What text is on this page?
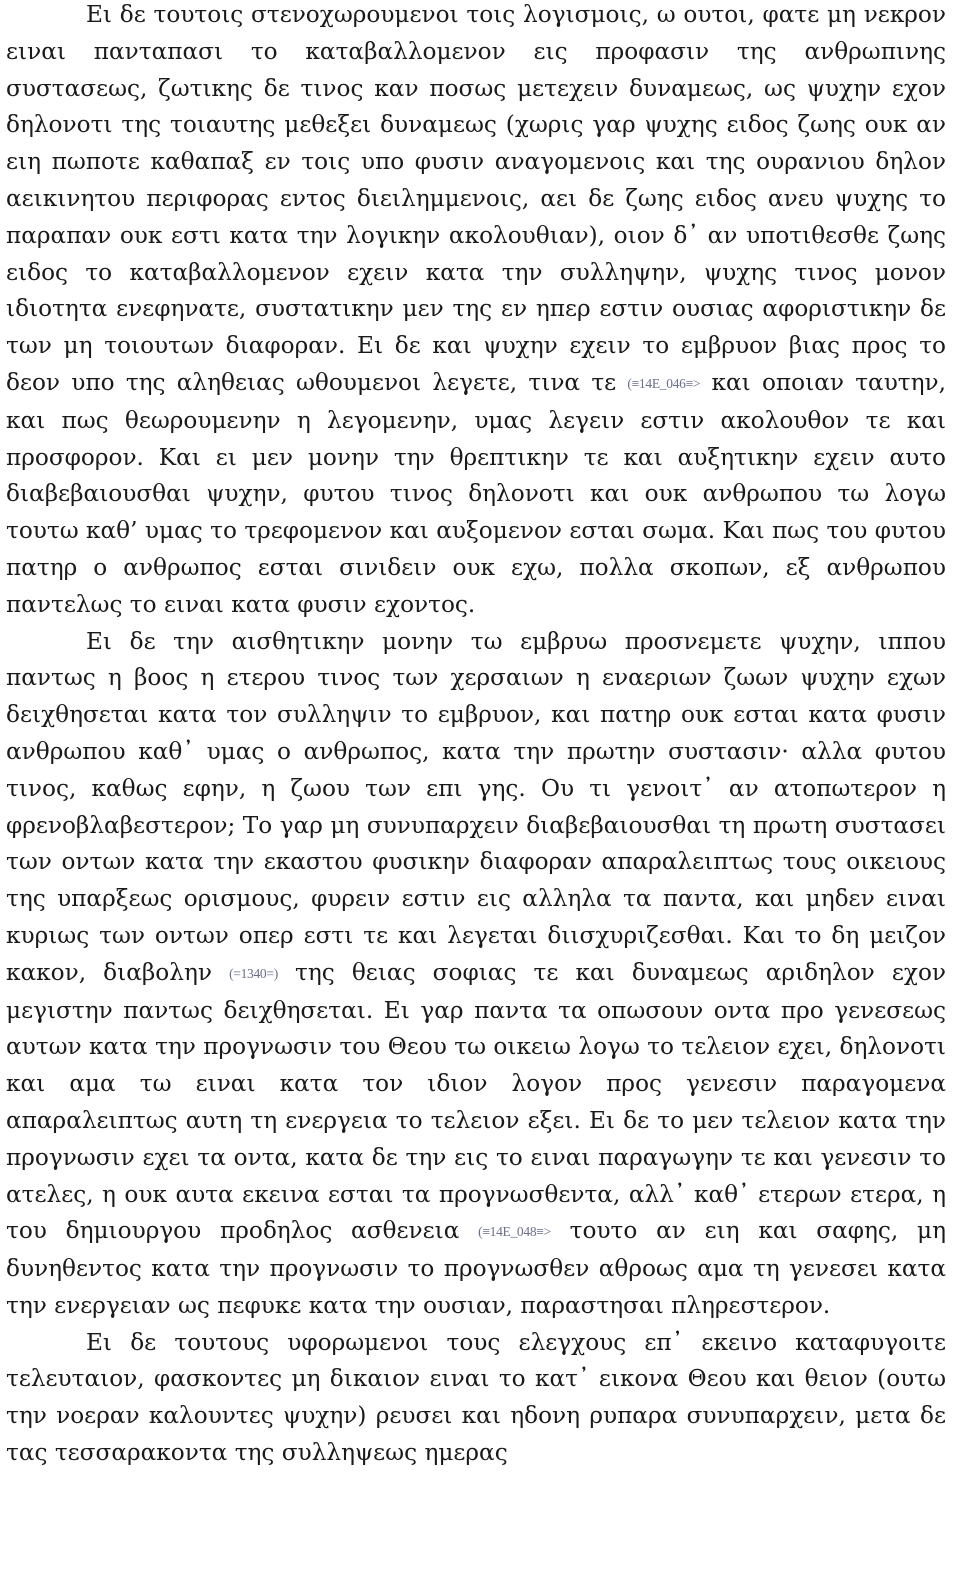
Ει δε τουτοις στενοχωρουμενοι τοις λογισμοις, ω ουτοι, φατε μη νεκρον ειναι πανταπασι το καταβαλλομενον εις προφασιν της ανθρωπινης συστασεως, ζωτικης δε τινος καν ποσως μετεχειν δυναμεως, ως ψυχην εχον δηλονοτι της τοιαυτης μεθεξει δυναμεως (χωρις γαρ ψυχης ειδος ζωης ουκ αν ειη πωποτε καθαπαξ εν τοις υπο φυσιν αναγομενοις και της ουρανιου δηλον αεικινητου περιφορας εντος διειλημμενοις, αει δε ζωης ειδος ανευ ψυχης το παραπαν ουκ εστι κατα την λογικην ακολουθιαν), οιον δ᾽ αν υποτιθεσθε ζωης ειδος το καταβαλλομενον εχειν κατα την συλληψην, ψυχης τινος μονον ιδιοτητα ενεφηνατε, συστατικην μεν της εν ηπερ εστιν ουσιας αφοριστικην δε των μη τοιουτων διαφοραν. Ει δε και ψυχην εχειν το εμβρυον βιας προς το δεον υπο της αληθειας ωθουμενοι λεγετε, τινα τε (≡14E_046≡> και οποιαν ταυτην, και πως θεωρουμενην η λεγομενην, υμας λεγειν εστιν ακολουθον τε και προσφορον. Και ει μεν μονην την θρεπτικην τε και αυξητικην εχειν αυτο διαβεβαιουσθαι ψυχην, φυτου τινος δηλονοτι και ουκ ανθρωπου τω λογω τουτω καθ’ υμας το τρεφομενον και αυξομενον εσται σωμα. Και πως του φυτου πατηρ ο ανθρωπος εσται σινιδειν ουκ εχω, πολλα σκοπων, εξ ανθρωπου παντελως το ειναι κατα φυσιν εχοντος.

Ει δε την αισθητικην μονην τω εμβρυω προσνεμετε ψυχην, ιππου παντως η βοος η ετερου τινος των χερσαιων η εναεριων ζωων ψυχην εχων δειχθησεται κατα τον συλληψιν το εμβρυον, και πατηρ ουκ εσται κατα φυσιν ανθρωπου καθ᾽ υμας ο ανθρωπος, κατα την πρωτην συστασιν· αλλα φυτου τινος, καθως εφην, η ζωου των επι γης. Ου τι γενοιτ᾽ αν ατοπωτερον η φρενοβλαβεστερον; Το γαρ μη συνυπαρχειν διαβεβαιουσθαι τη πρωτη συστασει των οντων κατα την εκαστου φυσικην διαφοραν απαραλειπτως τους οικειους της υπαρξεως ορισμους, φυρειν εστιν εις αλληλα τα παντα, και μηδεν ειναι κυριως των οντων οπερ εστι τε και λεγεται διισχυριζεσθαι. Και το δη μειζον κακον, διαβολην (=1340=) της θειας σοφιας τε και δυναμεως αριδηλον εχον μεγιστην παντως δειχθησεται. Ει γαρ παντα τα οπωσουν οντα προ γενεσεως αυτων κατα την προγνωσιν του Θεου τω οικειω λογω το τελειον εχει, δηλονοτι και αμα τω ειναι κατα τον ιδιον λογον προς γενεσιν παραγομενα απαραλειπτως αυτη τη ενεργεια το τελειον εξει. Ει δε το μεν τελειον κατα την προγνωσιν εχει τα οντα, κατα δε την εις το ειναι παραγωγην τε και γενεσιν το ατελες, η ουκ αυτα εκεινα εσται τα προγνωσθεντα, αλλ᾽ καθ᾽ ετερων ετερα, η του δημιουργου προδηλος ασθενεια (≡14E_048≡> τουτο αν ειη και σαφης, μη δυνηθεντος κατα την προγνωσιν το προγνωσθεν αθροως αμα τη γενεσει κατα την ενεργειαν ως πεφυκε κατα την ουσιαν, παραστησαι πληρεστερον.

Ει δε τουτους υφορωμενοι τους ελεγχους επ᾽ εκεινο καταφυγοιτε τελευταιον, φασκοντες μη δικαιον ειναι το κατ᾽ εικονα Θεου και θειον (ουτω την νοεραν καλουντες ψυχην) ρευσει και ηδονη ρυπαρα συνυπαρχειν, μετα δε τας τεσσαρακοντα της συλληψεως ημερας
